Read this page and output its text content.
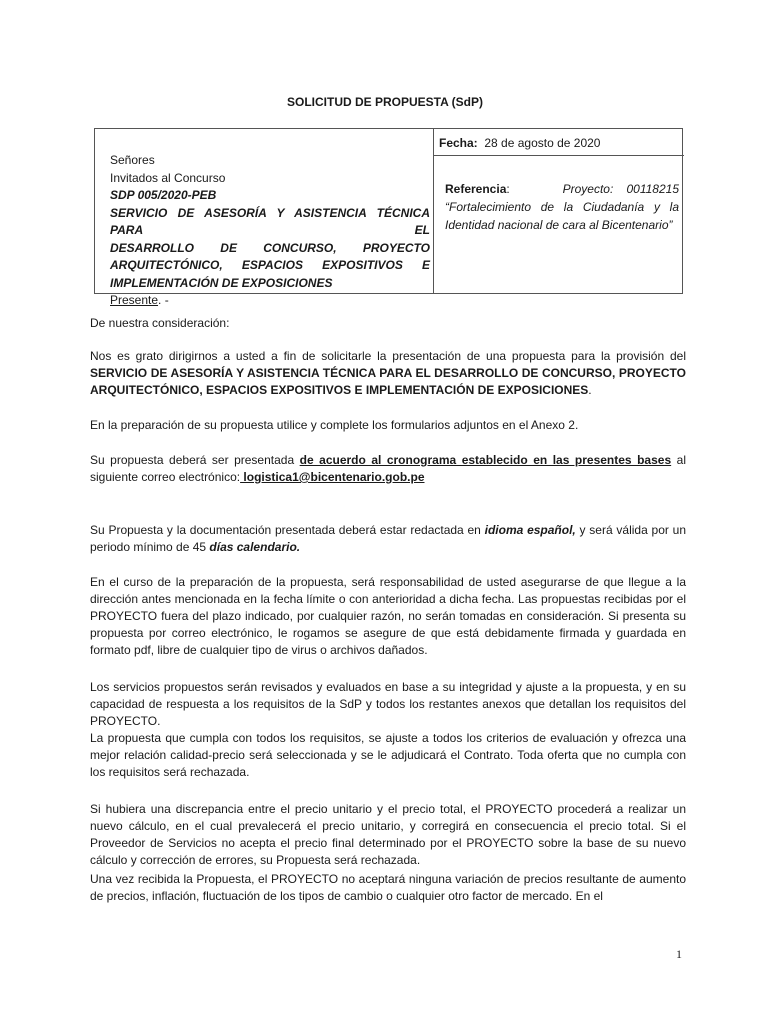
SOLICITUD DE PROPUESTA (SdP)
Señores
Invitados al Concurso
SDP 005/2020-PEB
SERVICIO DE ASESORÍA Y ASISTENCIA TÉCNICA PARA EL
DESARROLLO DE CONCURSO, PROYECTO
ARQUITECTÓNICO, ESPACIOS EXPOSITIVOS E
IMPLEMENTACIÓN DE EXPOSICIONES
Presente. -
Fecha: 28 de agosto de 2020
Referencia:	Proyecto: 00118215 “Fortalecimiento de la Ciudadanía y la Identidad nacional de cara al Bicentenario”

De nuestra consideración:

Nos es grato dirigirnos a usted a fin de solicitarle la presentación de una propuesta para la provisión del SERVICIO DE ASESORÍA Y ASISTENCIA TÉCNICA PARA EL DESARROLLO DE CONCURSO, PROYECTO ARQUITECTÓNICO, ESPACIOS EXPOSITIVOS E IMPLEMENTACIÓN DE EXPOSICIONES.

En la preparación de su propuesta utilice y complete los formularios adjuntos en el Anexo 2.

Su propuesta deberá ser presentada de acuerdo al cronograma establecido en las presentes bases al siguiente correo electrónico: logistica1@bicentenario.gob.pe

Su Propuesta y la documentación presentada deberá estar redactada en idioma español, y será válida por un periodo mínimo de 45 días calendario.

En el curso de la preparación de la propuesta, será responsabilidad de usted asegurarse de que llegue a la dirección antes mencionada en la fecha límite o con anterioridad a dicha fecha. Las propuestas recibidas por el PROYECTO fuera del plazo indicado, por cualquier razón, no serán tomadas en consideración. Si presenta su propuesta por correo electrónico, le rogamos se asegure de que está debidamente firmada y guardada en formato pdf, libre de cualquier tipo de virus o archivos dañados.

Los servicios propuestos serán revisados y evaluados en base a su integridad y ajuste a la propuesta, y en su capacidad de respuesta a los requisitos de la SdP y todos los restantes anexos que detallan los requisitos del PROYECTO.

La propuesta que cumpla con todos los requisitos, se ajuste a todos los criterios de evaluación y ofrezca una mejor relación calidad-precio será seleccionada y se le adjudicará el Contrato. Toda oferta que no cumpla con los requisitos será rechazada.

Si hubiera una discrepancia entre el precio unitario y el precio total, el PROYECTO procederá a realizar un nuevo cálculo, en el cual prevalecerá el precio unitario, y corregirá en consecuencia el precio total. Si el Proveedor de Servicios no acepta el precio final determinado por el PROYECTO sobre la base de su nuevo cálculo y corrección de errores, su Propuesta será rechazada.

Una vez recibida la Propuesta, el PROYECTO no aceptará ninguna variación de precios resultante de aumento de precios, inflación, fluctuación de los tipos de cambio o cualquier otro factor de mercado. En el

1
